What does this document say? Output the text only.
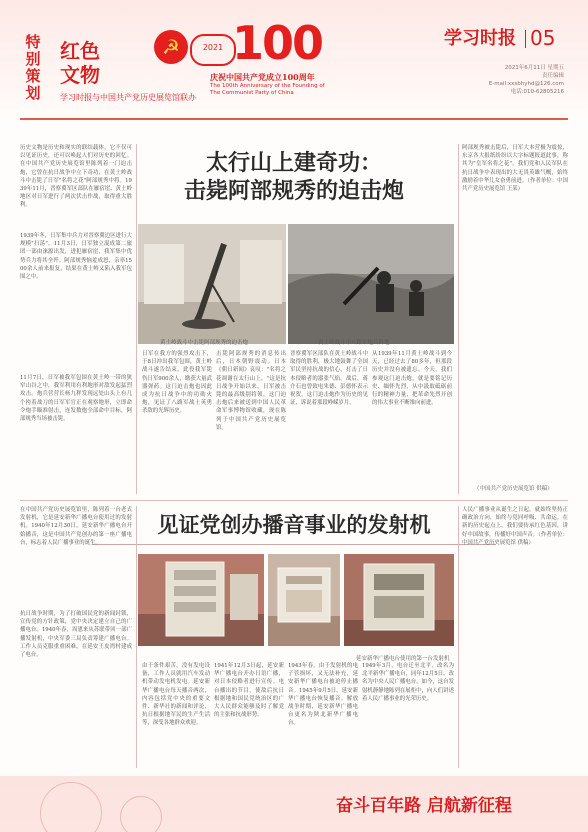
特别策划
红色
文物
学习时报与中国共产党历史展览馆联办
☭	2021 100
庆祝中国共产党成立100周年
The 100th Anniversary of the Founding of
The Communist Party of China
学习时报 05
2021年6月11日 星期五
责任编辑
E-mail:xxsbhyhd@126.com
电话:010-62805216
太行山上建奇功：
击毙阿部规秀的迫击炮
历史文物是历史和现实的联结载体，它不仅可以见证历史，还可以唤起人们对历史的回忆。在中国共产党历史展览馆里陈列着一门迫击炮，它曾在抗日战争中立下奇功，在黄土岭战斗中击毙了日军"名将之花"阿部规秀中将。1939年11月，晋察冀军区部队在雁宿崖、黄土岭地区对日军进行了两次伏击作战，取得重大胜利。
1939年冬，日军集中兵力对晋察冀边区进行大规模"扫荡"。11月3日，日军独立混成第二旅团一部由涞源出发，进犯雁宿崖，我军集中优势兵力将其全歼。阿部规秀恼羞成怒，亲率1500余人前来报复，结果在黄土岭又陷入我军包围之中。
11月7日，日军被我军包围在黄土岭一带的狭窄山谷之中，我军利用有利地形对敌发起猛烈攻击。炮兵营营长杨九秤发现远处山头上有几个挎着战刀的日军军官正在观察地形，立即命令炮手瞄准射击，连发数炮全部命中目标，阿部规秀当场被击毙。
黄土岭战斗中击毙阿部规秀的迫击炮	黄土岭战斗中八路军炮兵阵地
日军在我方的强烈攻击下，于8日冲出我军包围，黄土岭战斗遂告结束。此役我军毙伤日军900余人，缴获大量武器弹药。这门迫击炮也因此成为抗日战争中的功勋火炮，见证了八路军战士英勇杀敌的光辉历史。
击毙阿部规秀的消息传出后，日本朝野震动。日本《朝日新闻》哀叹："名将之花凋谢在太行山上。"这是抗日战争开始以来，日军被击毙的最高级别将领。这门迫击炮后来被送到中国人民革命军事博物馆收藏，现在陈列于中国共产党历史展览馆。
晋察冀军区部队在黄土岭战斗中取得的胜利，极大地鼓舞了全国军民坚持抗战的信心，打击了日本侵略者的嚣张气焰。战后，蒋介石也曾致电朱德、彭德怀表示祝贺。这门迫击炮作为历史的见证，诉说着那段峥嵘岁月。
从1939年11月黄土岭战斗到今天，已经过去了80多年，但那段历史并没有被遗忘。今天，我们参观这门迫击炮，就是要铭记历史、缅怀先烈，从中汲取砥砺前行的精神力量，把革命先烈开创的伟大事业不断推向前进。
阿部规秀被击毙后，日军大本营极为震惊，东京各大报纸纷纷以大字标题报道此事，称其为"皇军名将之花"。我们党和人民军队在抗日战争中表现出的大无畏英雄气概，始终激励着中华儿女奋勇前进。（作者单位：中国共产党历史展览馆 王某）
（中国共产党历史展览馆 供稿）
见证党创办播音事业的发射机
在中国共产党历史展览馆里，陈列着一台老式发射机，它是延安新华广播电台使用过的发射机。1940年12月30日，延安新华广播电台开始播音，这是中国共产党创办的第一座广播电台，标志着人民广播事业的诞生。
抗日战争时期，为了打破国民党的新闻封锁，宣传党的方针政策，党中央决定建立自己的广播电台。1940年春，周恩来从苏联带回一部广播发射机，中央军委三局负责筹建广播电台。工作人员克服重重困难，在延安王皮湾村建成了电台。
延安新华广播电台使用的第一台发射机
由于条件艰苦，没有发电设备，工作人员就用汽车发动机带动发电机发电。延安新华广播电台每天播音两次，内容包括党中央的重要文件、新华社的新闻和评论、抗日根据地军民的生产生活等，深受各地群众欢迎。
1941年12月3日起，延安新华广播电台开办日语广播，对日本侵略者进行宣传。电台播出的节目，使敌后抗日根据地和国民党统治区的广大人民群众能够及时了解党的主张和抗战形势。
1943年春，由于发射机的电子管损坏，又无法补充，延安新华广播电台被迫停止播音。1945年9月5日，延安新华广播电台恢复播音。解放战争时期，延安新华广播电台更名为陕北新华广播电台。
1949年3月，电台迁至北平，改名为北平新华广播电台，同年12月5日，改名为中央人民广播电台。如今，这台发射机静静地陈列在展柜中，向人们讲述着人民广播事业的光荣历史。
人民广播事业从诞生之日起，就始终坚持正确政治方向，始终与党同呼吸、共命运。在新的历史起点上，我们要传承红色基因，讲好中国故事，传播好中国声音。（作者单位：中国共产党历史展览馆 供稿）
奋斗百年路 启航新征程
